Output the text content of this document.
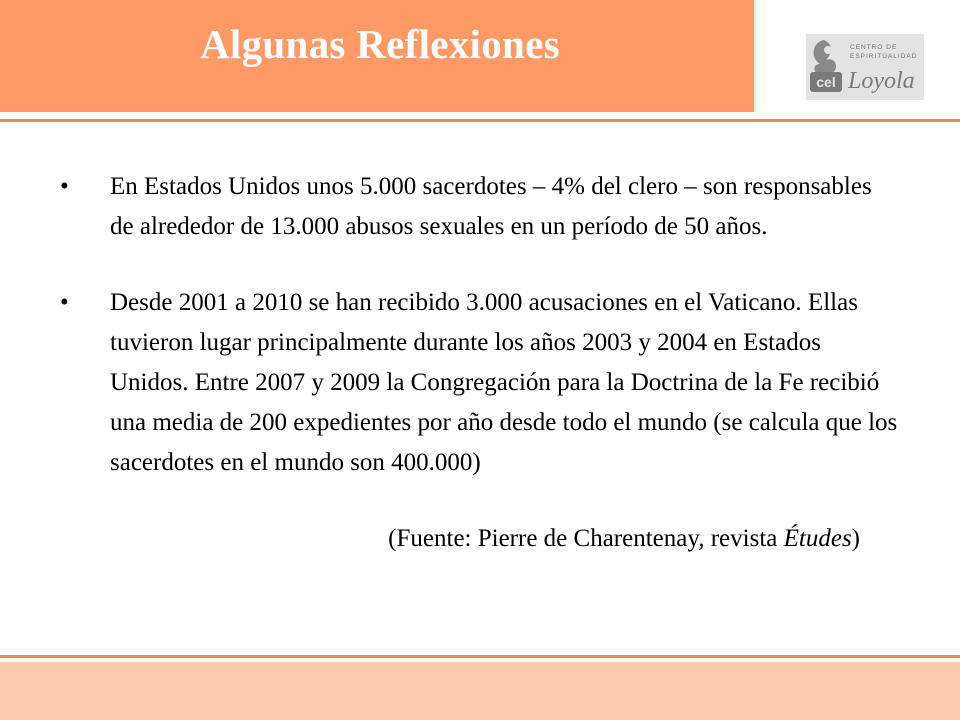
Algunas Reflexiones
cel
CENTRO DE
ESPIRITUALIDAD
Loyola
•	En Estados Unidos unos 5.000 sacerdotes – 4% del clero – son responsables de alrededor de 13.000 abusos sexuales en un período de 50 años.
•	Desde 2001 a 2010 se han recibido 3.000 acusaciones en el Vaticano. Ellas tuvieron lugar principalmente durante los años 2003 y 2004 en Estados Unidos. Entre 2007 y 2009 la Congregación para la Doctrina de la Fe recibió una media de 200 expedientes por año desde todo el mundo (se calcula que los sacerdotes en el mundo son 400.000)
(Fuente: Pierre de Charentenay, revista Études)
